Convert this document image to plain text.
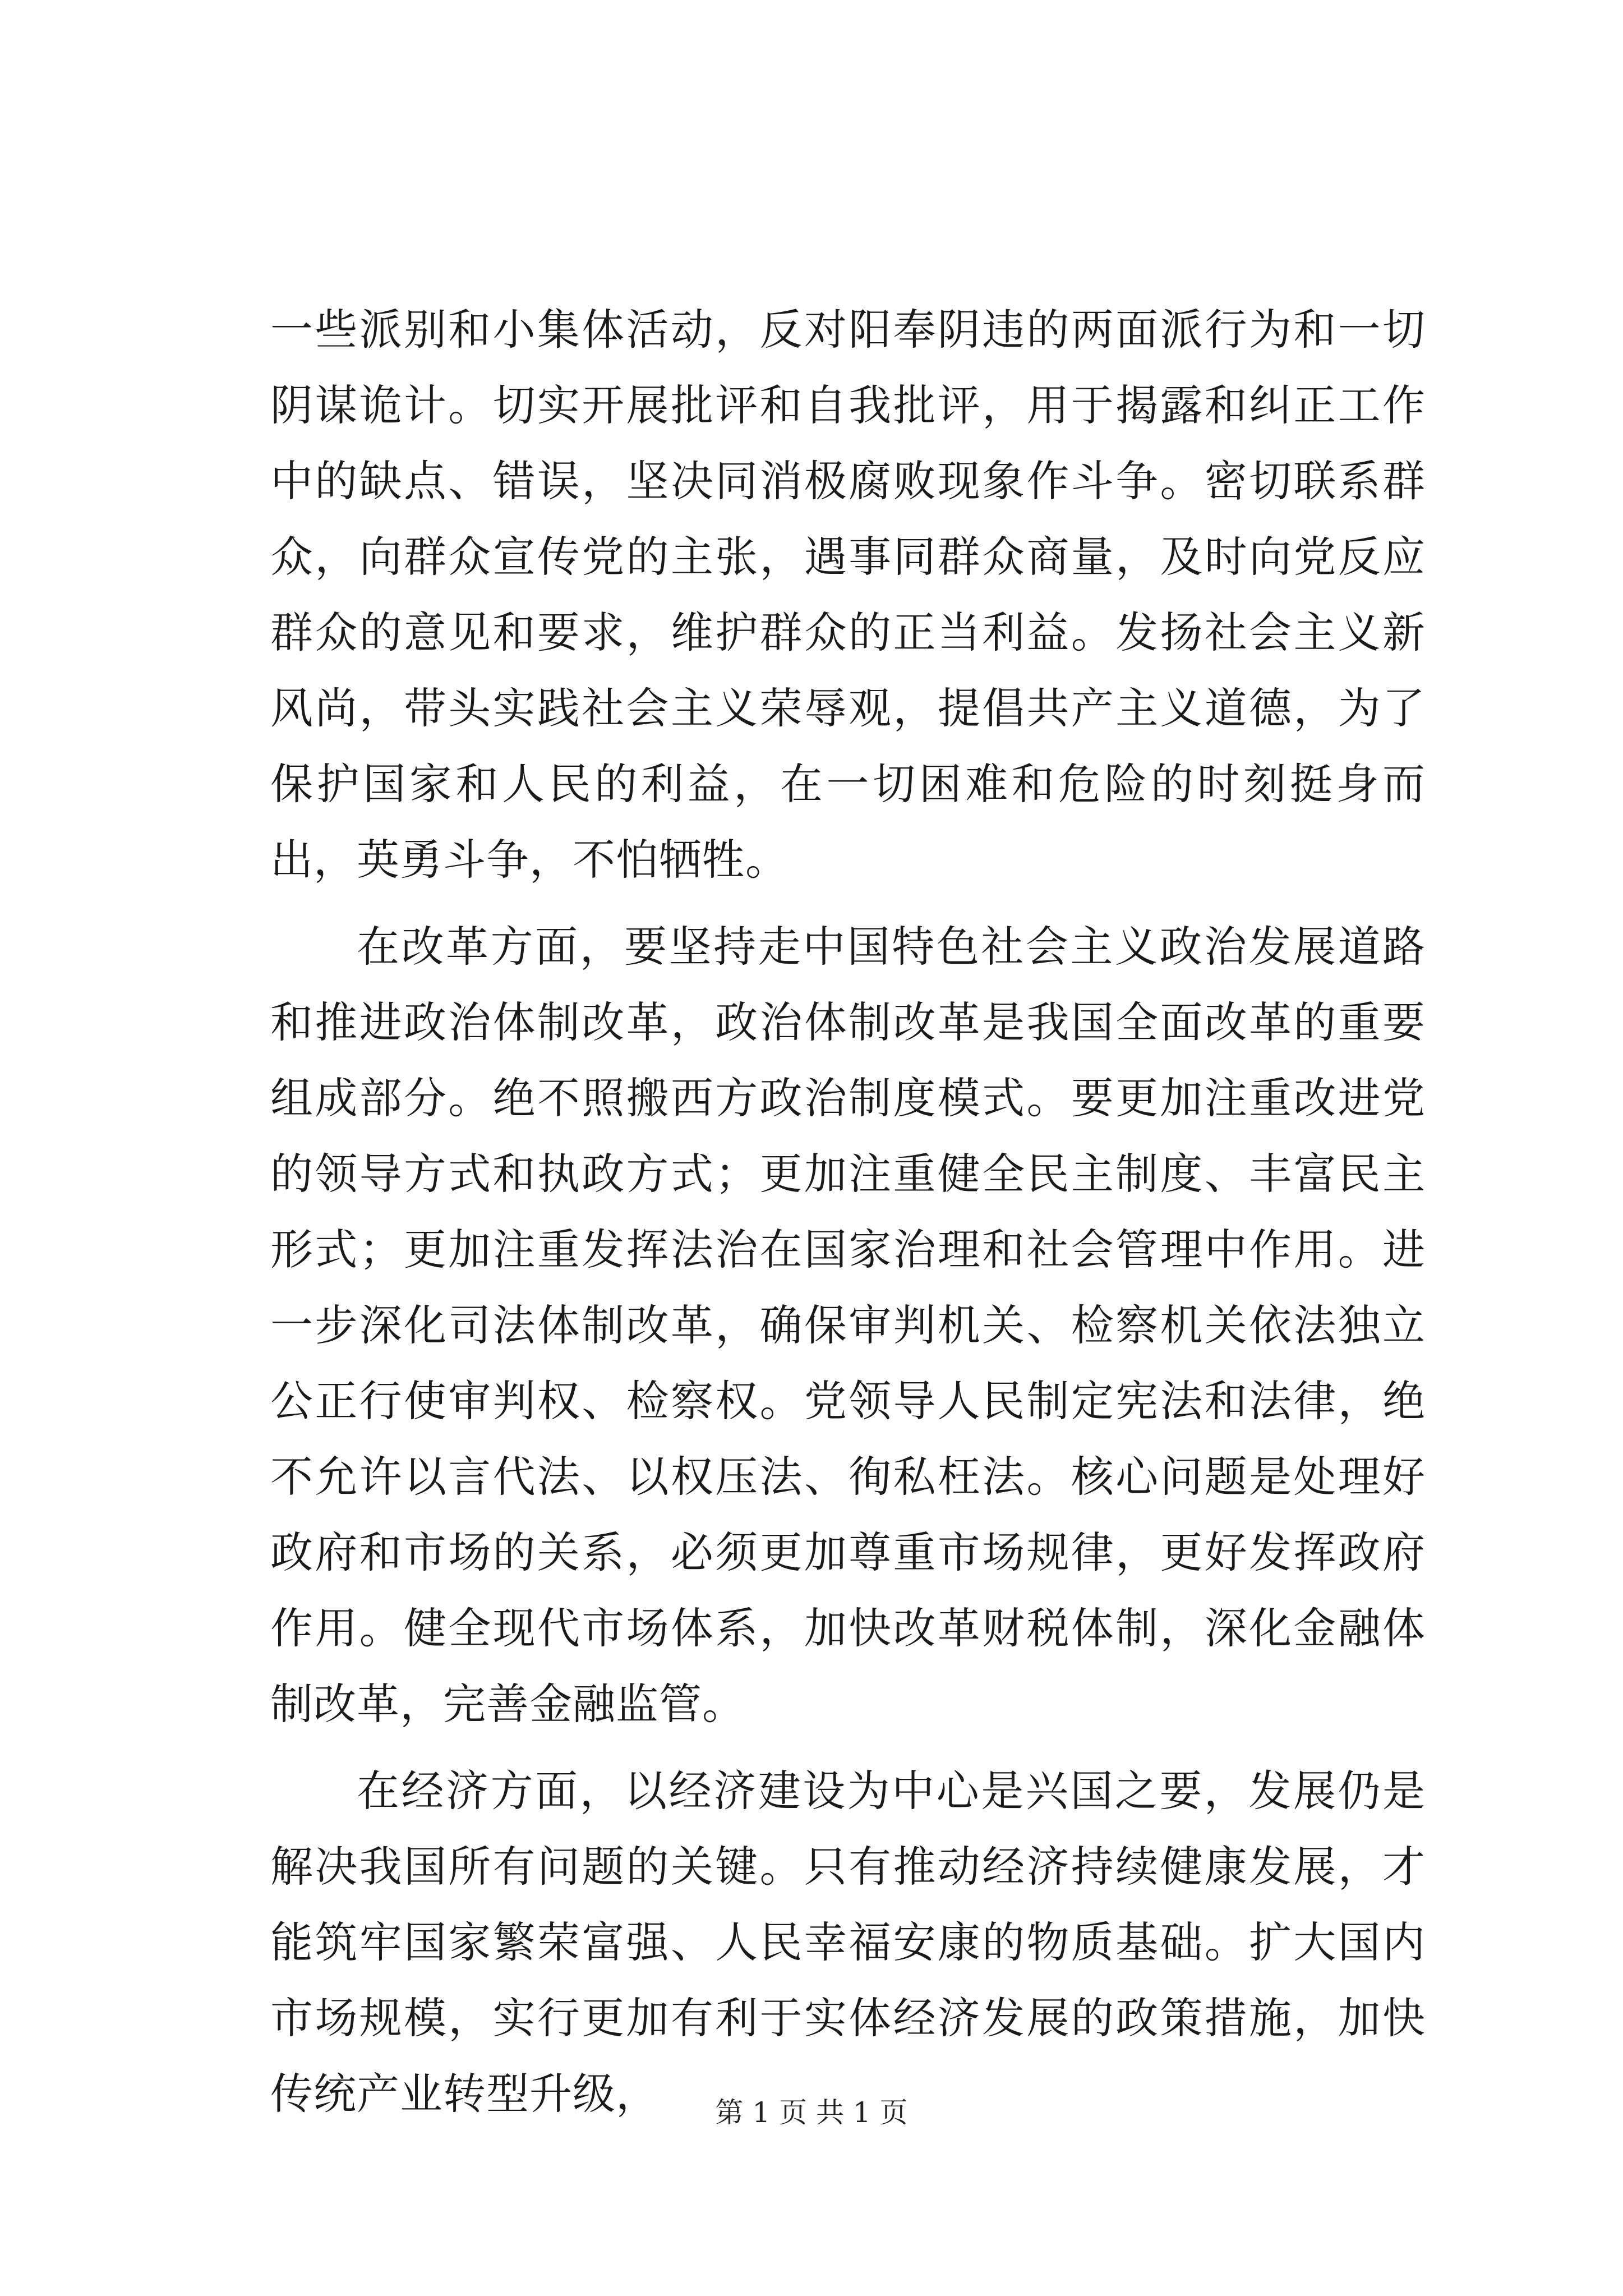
一些派别和小集体活动，反对阳奉阴违的两面派行为和一切阴谋诡计。切实开展批评和自我批评，用于揭露和纠正工作中的缺点、错误，坚决同消极腐败现象作斗争。密切联系群众，向群众宣传党的主张，遇事同群众商量，及时向党反应群众的意见和要求，维护群众的正当利益。发扬社会主义新风尚，带头实践社会主义荣辱观，提倡共产主义道德，为了保护国家和人民的利益，在一切困难和危险的时刻挺身而出，英勇斗争，不怕牺牲。

在改革方面，要坚持走中国特色社会主义政治发展道路和推进政治体制改革，政治体制改革是我国全面改革的重要组成部分。绝不照搬西方政治制度模式。要更加注重改进党的领导方式和执政方式；更加注重健全民主制度、丰富民主形式；更加注重发挥法治在国家治理和社会管理中作用。进一步深化司法体制改革，确保审判机关、检察机关依法独立公正行使审判权、检察权。党领导人民制定宪法和法律，绝不允许以言代法、以权压法、徇私枉法。核心问题是处理好政府和市场的关系，必须更加尊重市场规律，更好发挥政府作用。健全现代市场体系，加快改革财税体制，深化金融体制改革，完善金融监管。

在经济方面，以经济建设为中心是兴国之要，发展仍是解决我国所有问题的关键。只有推动经济持续健康发展，才能筑牢国家繁荣富强、人民幸福安康的物质基础。扩大国内市场规模，实行更加有利于实体经济发展的政策措施，加快传统产业转型升级，	第 1 页 共 1 页
